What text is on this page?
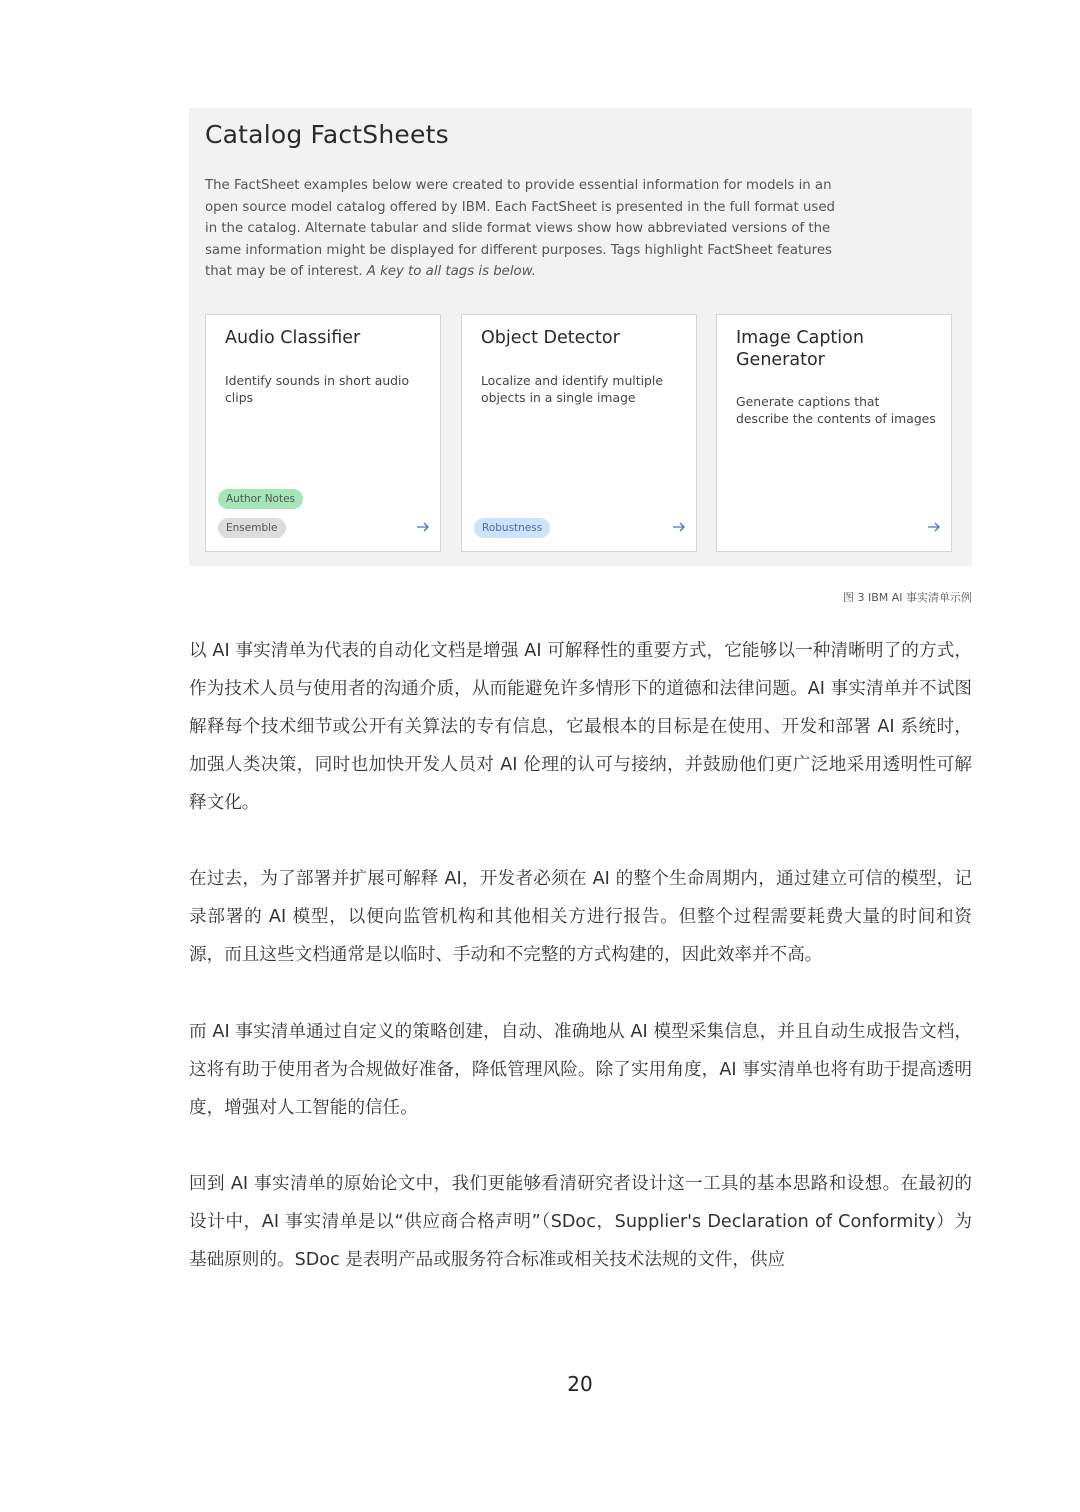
Catalog FactSheets

The FactSheet examples below were created to provide essential information for models in an open source model catalog offered by IBM. Each FactSheet is presented in the full format used in the catalog. Alternate tabular and slide format views show how abbreviated versions of the same information might be displayed for different purposes. Tags highlight FactSheet features that may be of interest. A key to all tags is below.

Audio Classifier

Identify sounds in short audio clips

Author Notes
Ensemble
Object Detector

Localize and identify multiple objects in a single image

Robustness
Image Caption Generator

Generate captions that describe the contents of images

图 3 IBM AI 事实清单示例

以 AI 事实清单为代表的自动化文档是增强 AI 可解释性的重要方式，它能够以一种清晰明了的方式，作为技术人员与使用者的沟通介质，从而能避免许多情形下的道德和法律问题。AI 事实清单并不试图解释每个技术细节或公开有关算法的专有信息，它最根本的目标是在使用、开发和部署 AI 系统时，加强人类决策，同时也加快开发人员对 AI 伦理的认可与接纳，并鼓励他们更广泛地采用透明性可解释文化。

在过去，为了部署并扩展可解释 AI，开发者必须在 AI 的整个生命周期内，通过建立可信的模型，记录部署的 AI 模型，以便向监管机构和其他相关方进行报告。但整个过程需要耗费大量的时间和资源，而且这些文档通常是以临时、手动和不完整的方式构建的，因此效率并不高。

而 AI 事实清单通过自定义的策略创建，自动、准确地从 AI 模型采集信息，并且自动生成报告文档，这将有助于使用者为合规做好准备，降低管理风险。除了实用角度，AI 事实清单也将有助于提高透明度，增强对人工智能的信任。

回到 AI 事实清单的原始论文中，我们更能够看清研究者设计这一工具的基本思路和设想。在最初的设计中，AI 事实清单是以“供应商合格声明”（SDoc，Supplier's Declaration of Conformity）为基础原则的。SDoc 是表明产品或服务符合标准或相关技术法规的文件，供应

20
